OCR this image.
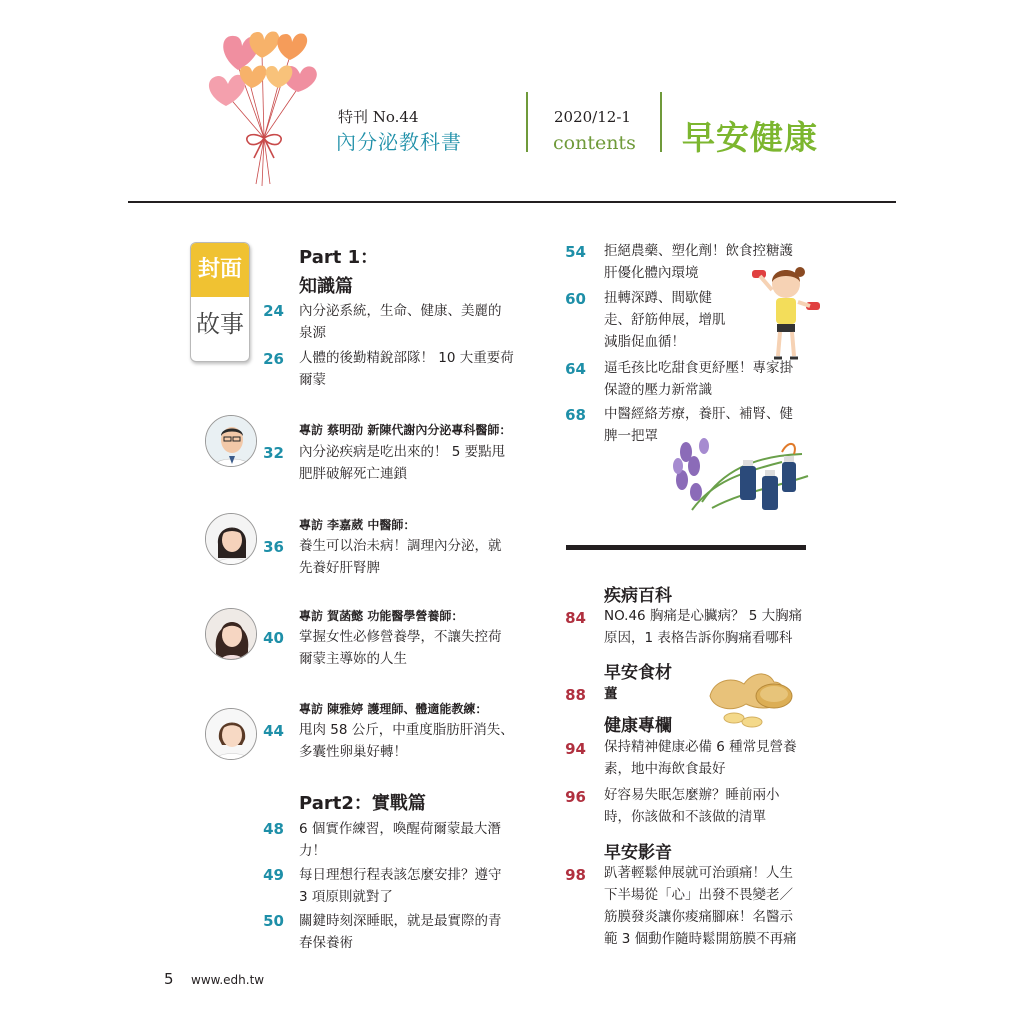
特刊 No.44
內分泌教科書
2020/12-1
contents 早安健康
封面
故事
Part 1：
知識篇
24 內分泌系統，生命、健康、美麗的
泉源
26 人體的後勤精銳部隊！ 10 大重要荷
爾蒙
專訪 蔡明劭 新陳代謝內分泌專科醫師：
32 內分泌疾病是吃出來的！ 5 要點甩
肥胖破解死亡連鎖
專訪 李嘉葳 中醫師：
36 養生可以治未病！調理內分泌，就
先養好肝腎脾
專訪 賀菡懿 功能醫學營養師：
40 掌握女性必修營養學，不讓失控荷
爾蒙主導妳的人生
專訪 陳雅婷 護理師、體適能教練：
44 甩肉 58 公斤，中重度脂肪肝消失、
多囊性卵巢好轉！
Part2：實戰篇
48 6 個實作練習，喚醒荷爾蒙最大潛
力！
49 每日理想行程表該怎麼安排？遵守
3 項原則就對了
50 關鍵時刻深睡眠，就是最實際的青
春保養術
54 拒絕農藥、塑化劑！飲食控糖護
肝優化體內環境
60 扭轉深蹲、間歇健
走、舒筋伸展，增肌
減脂促血循！
64 逼毛孩比吃甜食更紓壓！專家掛
保證的壓力新常識
68 中醫經絡芳療，養肝、補腎、健
脾一把罩
疾病百科
84 NO.46 胸痛是心臟病？ 5 大胸痛
原因，1 表格告訴你胸痛看哪科
早安食材
88 薑
健康專欄
94 保持精神健康必備 6 種常見營養
素，地中海飲食最好
96 好容易失眠怎麼辦？睡前兩小
時，你該做和不該做的清單
早安影音
98 趴著輕鬆伸展就可治頭痛！人生
下半場從「心」出發不畏變老／
筋膜發炎讓你痠痛腳麻！名醫示
範 3 個動作隨時鬆開筋膜不再痛
5 www.edh.tw
